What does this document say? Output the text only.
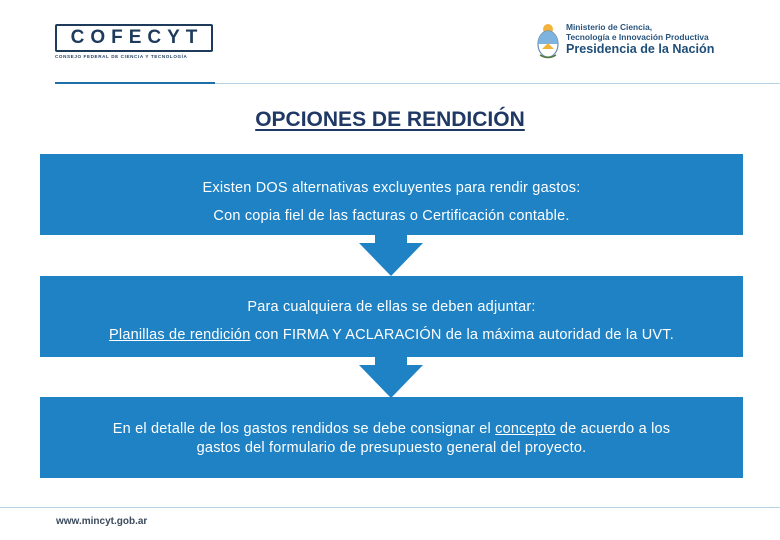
COFECYT
CONSEJO FEDERAL DE CIENCIA Y TECNOLOGÍA
Ministerio de Ciencia,
Tecnología e Innovación Productiva
Presidencia de la Nación
OPCIONES DE RENDICIÓN

Existen DOS alternativas excluyentes para rendir gastos:

Con copia fiel de las facturas o Certificación contable.

Para cualquiera de ellas se deben adjuntar:

Planillas de rendición con FIRMA Y ACLARACIÓN de la máxima autoridad de la UVT.

En el detalle de los gastos rendidos se debe consignar el concepto de acuerdo a los

gastos del formulario de presupuesto general del proyecto.

www.mincyt.gob.ar
